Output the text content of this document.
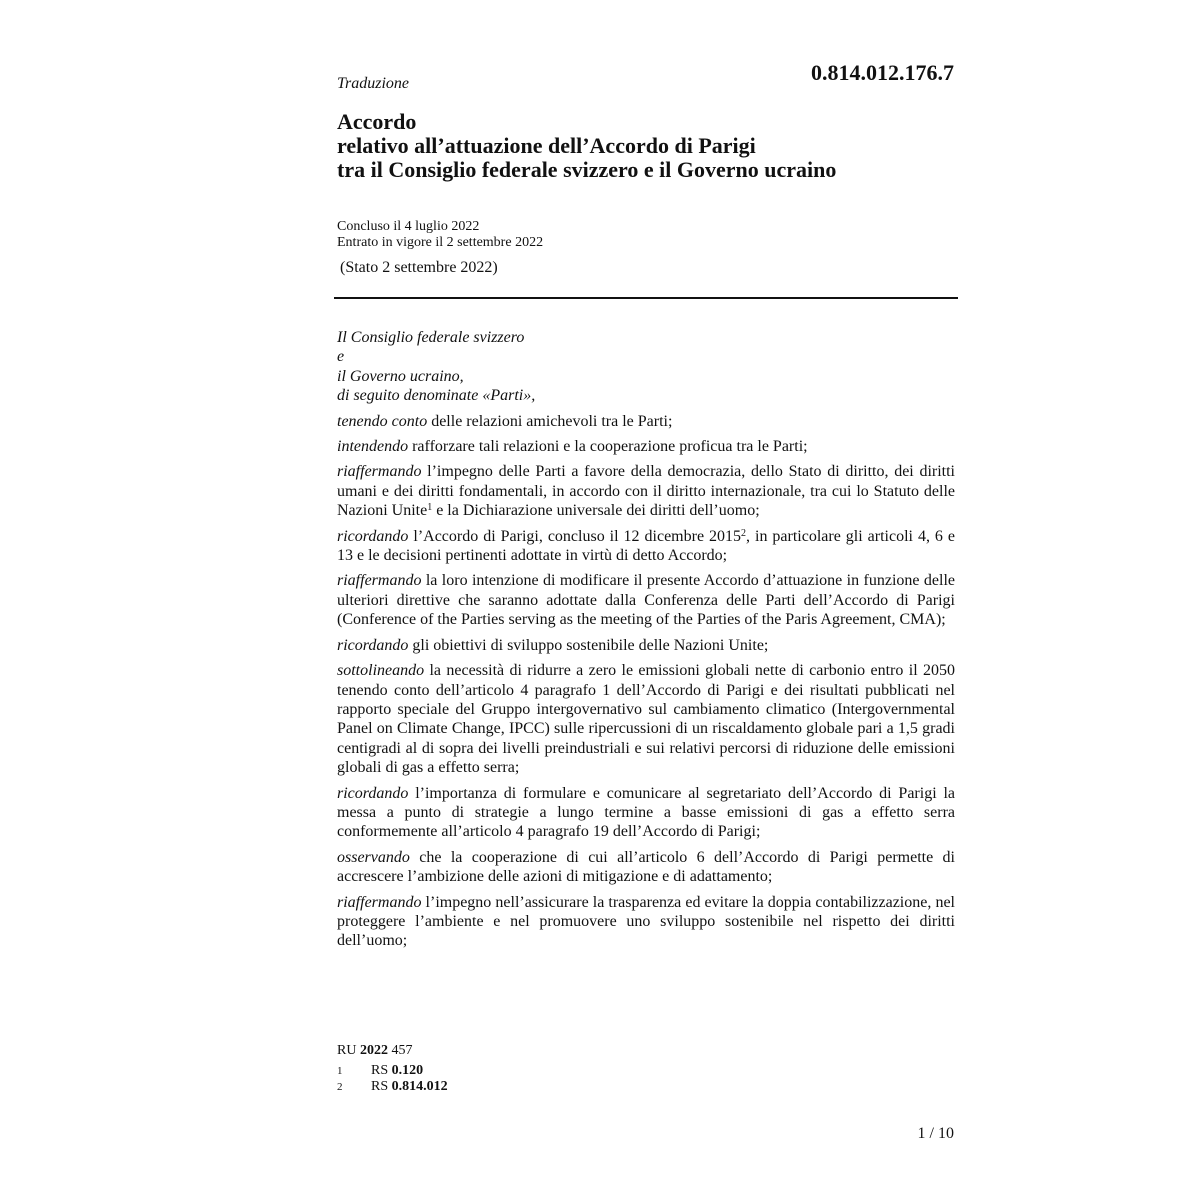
0.814.012.176.7

Traduzione

Accordo
relativo all’attuazione dell’Accordo di Parigi
tra il Consiglio federale svizzero e il Governo ucraino

Concluso il 4 luglio 2022
Entrato in vigore il 2 settembre 2022

(Stato 2 settembre 2022)

Il Consiglio federale svizzero
e
il Governo ucraino,
di seguito denominate «Parti»,

tenendo conto delle relazioni amichevoli tra le Parti;

intendendo rafforzare tali relazioni e la cooperazione proficua tra le Parti;

riaffermando l’impegno delle Parti a favore della democrazia, dello Stato di diritto, dei diritti umani e dei diritti fondamentali, in accordo con il diritto internazionale, tra cui lo Statuto delle Nazioni Unite$^1$ e la Dichiarazione universale dei diritti dell’uomo;

ricordando l’Accordo di Parigi, concluso il 12 dicembre 2015$^2$, in particolare gli articoli 4, 6 e 13 e le decisioni pertinenti adottate in virtù di detto Accordo;

riaffermando la loro intenzione di modificare il presente Accordo d’attuazione in funzione delle ulteriori direttive che saranno adottate dalla Conferenza delle Parti dell’Accordo di Parigi (Conference of the Parties serving as the meeting of the Parties of the Paris Agreement, CMA);

ricordando gli obiettivi di sviluppo sostenibile delle Nazioni Unite;

sottolineando la necessità di ridurre a zero le emissioni globali nette di carbonio entro il 2050 tenendo conto dell’articolo 4 paragrafo 1 dell’Accordo di Parigi e dei risultati pubblicati nel rapporto speciale del Gruppo intergovernativo sul cambiamento climatico (Intergovernmental Panel on Climate Change, IPCC) sulle ripercussioni di un riscaldamento globale pari a 1,5 gradi centigradi al di sopra dei livelli preindustriali e sui relativi percorsi di riduzione delle emissioni globali di gas a effetto serra;

ricordando l’importanza di formulare e comunicare al segretariato dell’Accordo di Parigi la messa a punto di strategie a lungo termine a basse emissioni di gas a effetto serra conformemente all’articolo 4 paragrafo 19 dell’Accordo di Parigi;

osservando che la cooperazione di cui all’articolo 6 dell’Accordo di Parigi permette di accrescere l’ambizione delle azioni di mitigazione e di adattamento;

riaffermando l’impegno nell’assicurare la trasparenza ed evitare la doppia contabilizzazione, nel proteggere l’ambiente e nel promuovere uno sviluppo sostenibile nel rispetto dei diritti dell’uomo;

RU 2022 457

1	RS 0.120
2	RS 0.814.012

1 / 10
